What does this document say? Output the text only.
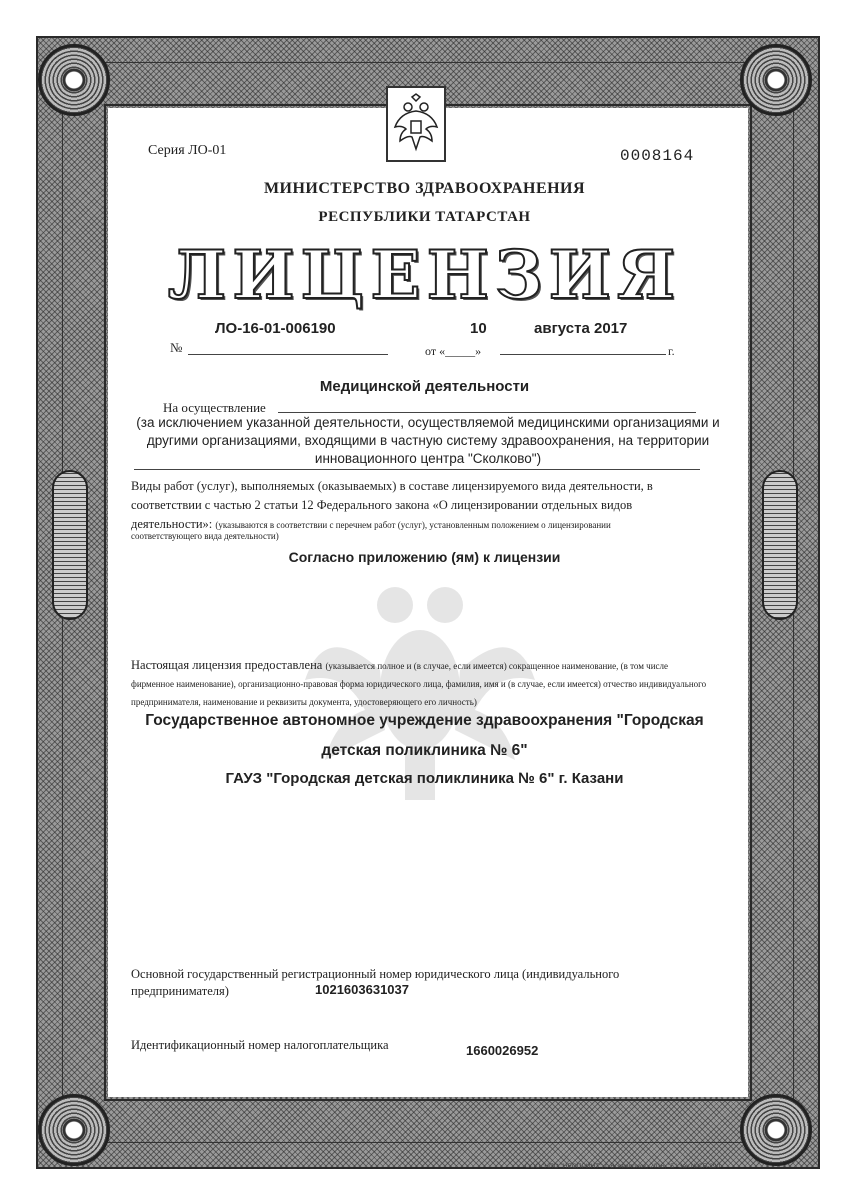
Серия ЛО-01	0008164
МИНИСТЕРСТВО ЗДРАВООХРАНЕНИЯ
РЕСПУБЛИКИ ТАТАРСТАН
ЛИЦЕНЗИЯ
№
ЛО-16-01-006190
от «_____»
10	августа 2017
г.
Медицинской деятельности
На осуществление
(за исключением указанной деятельности, осуществляемой медицинскими организациями и другими организациями, входящими в частную систему здравоохранения, на территории инновационного центра "Сколково")
Виды работ (услуг), выполняемых (оказываемых) в составе лицензируемого вида деятельности, в соответствии с частью 2 статьи 12 Федерального закона «О лицензировании отдельных видов деятельности»: (указываются в соответствии с перечнем работ (услуг), установленным положением о лицензировании
соответствующего вида деятельности)
Согласно приложению (ям) к лицензии
Настоящая лицензия предоставлена (указывается полное и (в случае, если имеется) сокращенное наименование, (в том числе фирменное наименование), организационно-правовая форма юридического лица, фамилия, имя и (в случае, если имеется) отчество индивидуального предпринимателя, наименование и реквизиты документа, удостоверяющего его личность)
Государственное автономное учреждение здравоохранения "Городская
детская поликлиника № 6"
ГАУЗ "Городская детская поликлиника № 6" г. Казани
Основной государственный регистрационный номер юридического лица (индивидуального предпринимателя)	1021603631037
Идентификационный номер налогоплательщика	1660026952
ООО "НПО "НЕОПРИНТ", г. Всеволожск, 2016, "Б" Зак.№СП-290
